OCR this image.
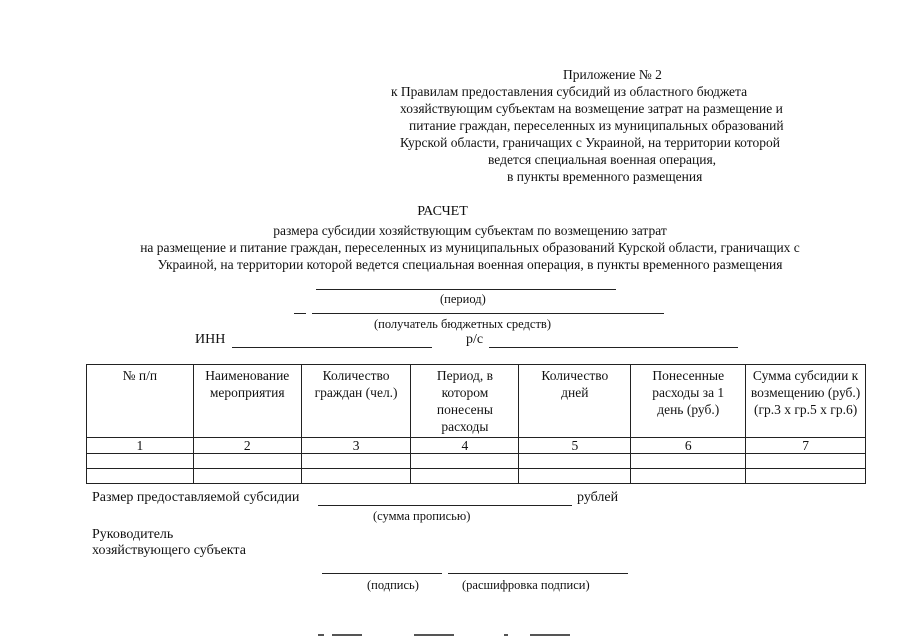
Приложение № 2
к Правилам предоставления субсидий из областного бюджета
хозяйствующим субъектам на возмещение затрат на размещение и
питание граждан, переселенных из муниципальных образований
Курской области, граничащих с Украиной, на территории которой
ведется специальная военная операция,
в пункты временного размещения
РАСЧЕТ
размера субсидии хозяйствующим субъектам по возмещению затрат
на размещение и питание граждан, переселенных из муниципальных образований Курской области, граничащих с
Украиной, на территории которой ведется специальная военная операция, в пункты временного размещения
(период)
(получатель бюджетных средств)
ИНН	р/с
№ п/п	Наименование мероприятия	Количество граждан (чел.)	Период, в котором понесены расходы	Количество дней	Понесенные расходы за 1 день (руб.)	Сумма субсидии к возмещению (руб.) (гр.3 х гр.5 х гр.6)
1	2	3	4	5	6	7

Размер предоставляемой субсидии	рублей
(сумма прописью)
Руководитель
хозяйствующего субъекта
(подпись)	(расшифровка подписи)
